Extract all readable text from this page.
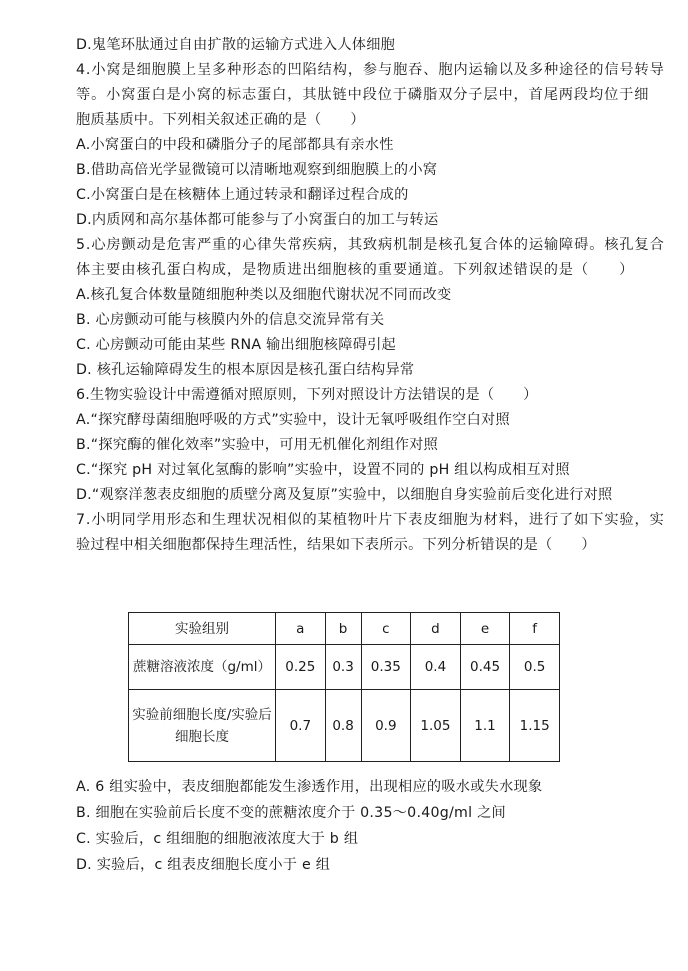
D.鬼笔环肽通过自由扩散的运输方式进入人体细胞
4.小窝是细胞膜上呈多种形态的凹陷结构，参与胞吞、胞内运输以及多种途径的信号转导
等。小窝蛋白是小窝的标志蛋白，其肽链中段位于磷脂双分子层中，首尾两段均位于细
胞质基质中。下列相关叙述正确的是（　　）
A.小窝蛋白的中段和磷脂分子的尾部都具有亲水性
B.借助高倍光学显微镜可以清晰地观察到细胞膜上的小窝
C.小窝蛋白是在核糖体上通过转录和翻译过程合成的
D.内质网和高尔基体都可能参与了小窝蛋白的加工与转运
5.心房颤动是危害严重的心律失常疾病，其致病机制是核孔复合体的运输障碍。核孔复合
体主要由核孔蛋白构成，是物质进出细胞核的重要通道。下列叙述错误的是（　　）
A.核孔复合体数量随细胞种类以及细胞代谢状况不同而改变
B. 心房颤动可能与核膜内外的信息交流异常有关
C. 心房颤动可能由某些 RNA 输出细胞核障碍引起
D. 核孔运输障碍发生的根本原因是核孔蛋白结构异常
6.生物实验设计中需遵循对照原则，下列对照设计方法错误的是（　　）
A.“探究酵母菌细胞呼吸的方式”实验中，设计无氧呼吸组作空白对照
B.“探究酶的催化效率”实验中，可用无机催化剂组作对照
C.“探究 pH 对过氧化氢酶的影响”实验中，设置不同的 pH 组以构成相互对照
D.“观察洋葱表皮细胞的质壁分离及复原”实验中，以细胞自身实验前后变化进行对照
7.小明同学用形态和生理状况相似的某植物叶片下表皮细胞为材料，进行了如下实验，实
验过程中相关细胞都保持生理活性，结果如下表所示。下列分析错误的是（　　）
实验组别	a	b	c	d	e	f
蔗糖溶液浓度（g/ml）	0.25	0.3	0.35	0.4	0.45	0.5

实验前细胞长度/实验后
细胞长度	0.7	0.8	0.9	1.05	1.1	1.15
A. 6 组实验中，表皮细胞都能发生渗透作用，出现相应的吸水或失水现象
B. 细胞在实验前后长度不变的蔗糖浓度介于 0.35～0.40g/ml 之间
C. 实验后，c 组细胞的细胞液浓度大于 b 组
D. 实验后，c 组表皮细胞长度小于 e 组
